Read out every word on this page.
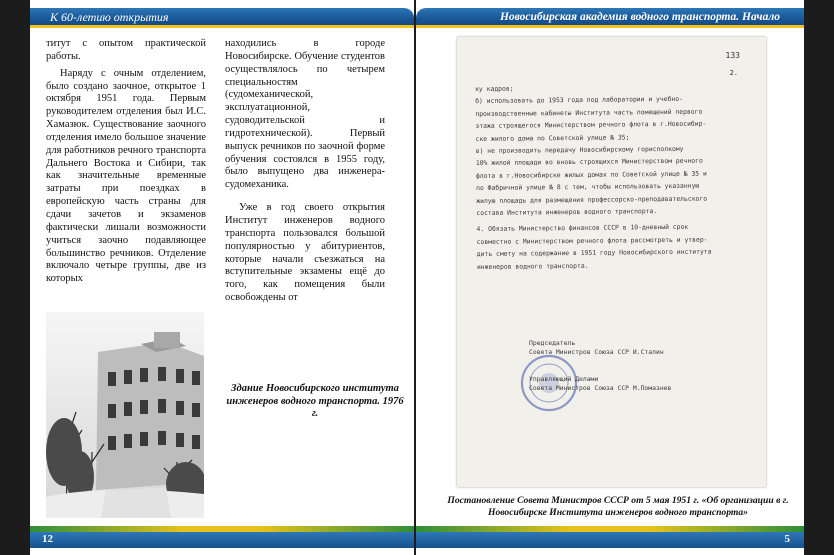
К 60-летию открытия

титут с опытом практической работы.

Наряду с очным отделением, было создано заочное, открытое 1 октября 1951 года. Первым руководителем отделения был И.С. Хамазюк. Существование заочного отделения имело большое значение для работников речного транспорта Дальнего Востока и Сибири, так как значительные временные затраты при поездках в европейскую часть страны для сдачи зачетов и экзаменов фактически лишали возможности учиться заочно подавляющее большинство речников. Отделение включало четыре группы, две из которых

находились в городе Новосибирске. Обучение студентов осуществлялось по четырем специальностям (судомеханической, эксплуатационной, судоводительской и гидротехнической). Первый выпуск речников по заочной форме обучения состоялся в 1955 году, было выпущено два инженера-судомеханика.

Уже в год своего открытия Институт инженеров водного транспорта пользовался большой популярностью у абитуриентов, которые начали съезжаться на вступительные экзамены ещё до того, как помещения были освобождены от

Здание Новосибирского института инженеров водного транспорта. 1976 г.
12
Новосибирская академия водного транспорта. Начало
133
2.
ку кадров;
б) использовать до 1953 года под лаборатории и учебно-
производственные кабинеты Института часть помещений первого
этажа строящегося Министерством речного флота в г.Новосибир-
ске жилого дома по Советской улице № 35;
в) не производить передачу Новосибирскому горисполкому
10% жилой площади во вновь строящихся Министерством речного
флота в г.Новосибирске жилых домах по Советской улице № 35 и
по Фабричной улице № 8 с тем, чтобы использовать указанную
жилую площадь для размещения профессорско-преподавательского
состава Института инженеров водного транспорта.
4. Обязать Министерство финансов СССР в 10-дневный срок
совместно с Министерством речного флота рассмотреть и утвер-
дить смету на содержание в 1951 году Новосибирского института
инженеров водного транспорта.
Председатель
Совета Министров Союза ССР И.Сталин

Управляющий Делами
Совета Министров Союза ССР М.Помазнев
Постановление Совета Министров СССР от 5 мая 1951 г. «Об организации в г. Новосибирске Института инженеров водного транспорта»
5
